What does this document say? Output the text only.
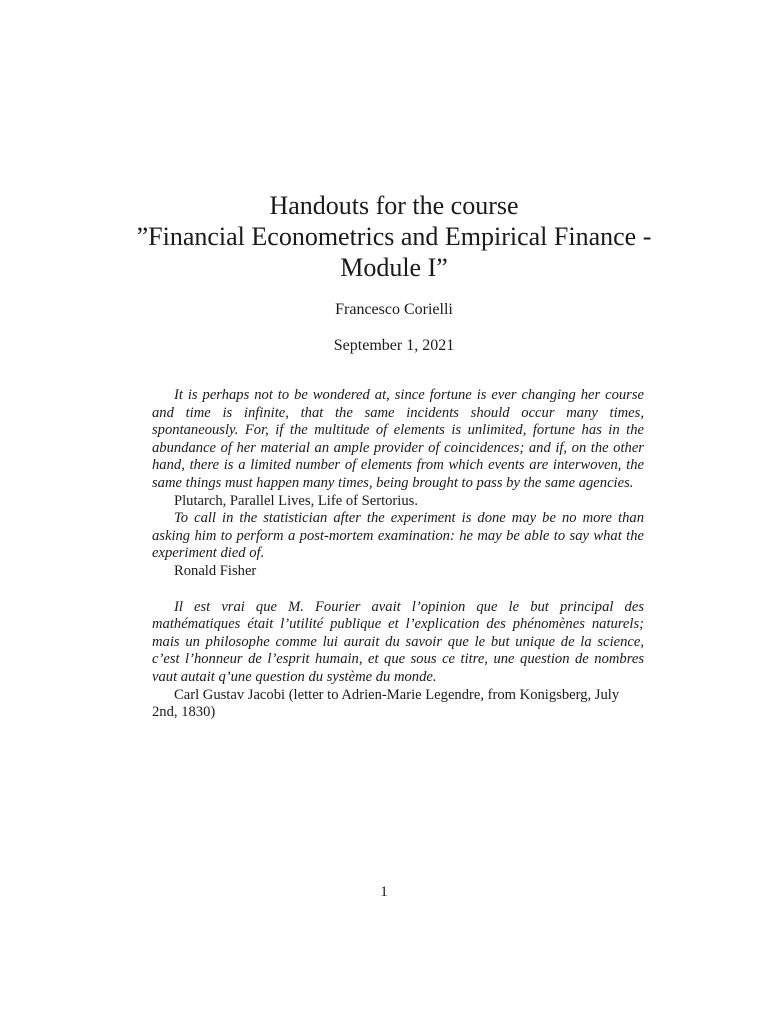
Handouts for the course
”Financial Econometrics and Empirical Finance -
Module I”
Francesco Corielli
September 1, 2021

It is perhaps not to be wondered at, since fortune is ever changing her course and time is infinite, that the same incidents should occur many times, spontaneously. For, if the multitude of elements is unlimited, fortune has in the abundance of her material an ample provider of coincidences; and if, on the other hand, there is a limited number of elements from which events are interwoven, the same things must happen many times, being brought to pass by the same agencies.

Plutarch, Parallel Lives, Life of Sertorius.

To call in the statistician after the experiment is done may be no more than asking him to perform a post-mortem examination: he may be able to say what the experiment died of.

Ronald Fisher

Il est vrai que M. Fourier avait l’opinion que le but principal des mathématiques était l’utilité publique et l’explication des phénomènes naturels; mais un philosophe comme lui aurait du savoir que le but unique de la science, c’est l’honneur de l’esprit humain, et que sous ce titre, une question de nombres vaut autait q’une question du système du monde.

Carl Gustav Jacobi (letter to Adrien-Marie Legendre, from Konigsberg, July 2nd, 1830)

1
